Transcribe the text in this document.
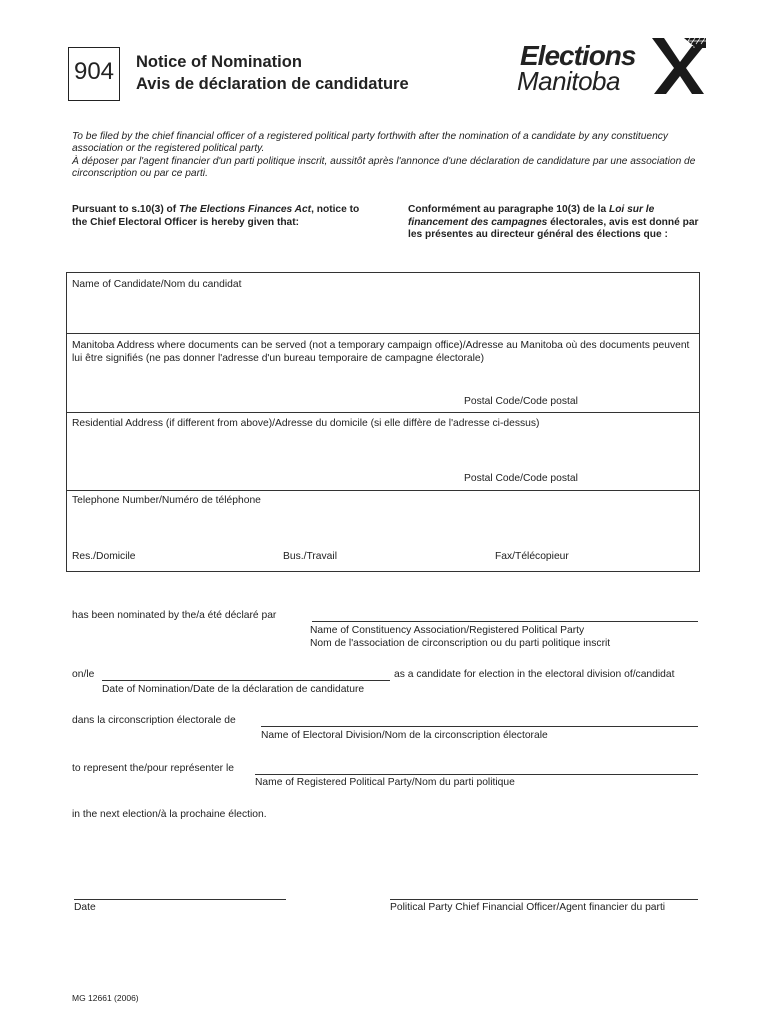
904	Notice of Nomination
Avis de déclaration de candidature
Elections
Manitoba
To be filed by the chief financial officer of a registered political party forthwith after the nomination of a candidate by any constituency association or the registered political party.
À déposer par l'agent financier d'un parti politique inscrit, aussitôt après l'annonce d'une déclaration de candidature par une association de circonscription ou par ce parti.
Pursuant to s.10(3) of The Elections Finances Act, notice to the Chief Electoral Officer is hereby given that:
Conformément au paragraphe 10(3) de la Loi sur le financement des campagnes électorales, avis est donné par les présentes au directeur général des élections que :
Name of Candidate/Nom du candidat
Manitoba Address where documents can be served (not a temporary campaign office)/Adresse au Manitoba où des documents peuvent lui être signifiés (ne pas donner l'adresse d'un bureau temporaire de campagne électorale)
Postal Code/Code postal
Residential Address (if different from above)/Adresse du domicile (si elle diffère de l'adresse ci-dessus)
Postal Code/Code postal
Telephone Number/Numéro de téléphone
Res./Domicile	Bus./Travail	Fax/Télécopieur
has been nominated by the/a été déclaré par
Name of Constituency Association/Registered Political Party
Nom de l'association de circonscription ou du parti politique inscrit
on/le	as a candidate for election in the electoral division of/candidat
Date of Nomination/Date de la déclaration de candidature
dans la circonscription électorale de
Name of Electoral Division/Nom de la circonscription électorale
to represent the/pour représenter le
Name of Registered Political Party/Nom du parti politique
in the next election/à la prochaine élection.
Date	Political Party Chief Financial Officer/Agent financier du parti
MG 12661 (2006)
